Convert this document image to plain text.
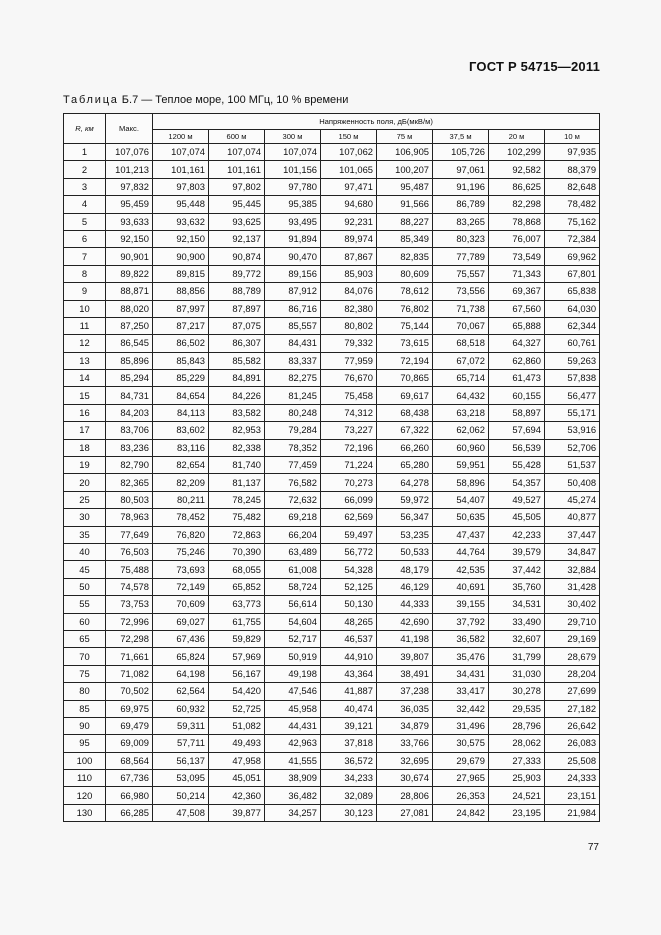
ГОСТ Р 54715—2011
Таблица Б.7 — Теплое море, 100 МГц, 10 % времени
R, км	Макс.	Напряженность поля, дБ(мкВ/м)							
		1200 м	600 м	300 м	150 м	75 м	37,5 м	20 м	10 м
1	107,076	107,074	107,074	107,074	107,062	106,905	105,726	102,299	97,935
2	101,213	101,161	101,161	101,156	101,065	100,207	97,061	92,582	88,379
3	97,832	97,803	97,802	97,780	97,471	95,487	91,196	86,625	82,648
4	95,459	95,448	95,445	95,385	94,680	91,566	86,789	82,298	78,482
5	93,633	93,632	93,625	93,495	92,231	88,227	83,265	78,868	75,162
6	92,150	92,150	92,137	91,894	89,974	85,349	80,323	76,007	72,384
7	90,901	90,900	90,874	90,470	87,867	82,835	77,789	73,549	69,962
8	89,822	89,815	89,772	89,156	85,903	80,609	75,557	71,343	67,801
9	88,871	88,856	88,789	87,912	84,076	78,612	73,556	69,367	65,838
10	88,020	87,997	87,897	86,716	82,380	76,802	71,738	67,560	64,030
11	87,250	87,217	87,075	85,557	80,802	75,144	70,067	65,888	62,344
12	86,545	86,502	86,307	84,431	79,332	73,615	68,518	64,327	60,761
13	85,896	85,843	85,582	83,337	77,959	72,194	67,072	62,860	59,263
14	85,294	85,229	84,891	82,275	76,670	70,865	65,714	61,473	57,838
15	84,731	84,654	84,226	81,245	75,458	69,617	64,432	60,155	56,477
16	84,203	84,113	83,582	80,248	74,312	68,438	63,218	58,897	55,171
17	83,706	83,602	82,953	79,284	73,227	67,322	62,062	57,694	53,916
18	83,236	83,116	82,338	78,352	72,196	66,260	60,960	56,539	52,706
19	82,790	82,654	81,740	77,459	71,224	65,280	59,951	55,428	51,537
20	82,365	82,209	81,137	76,582	70,273	64,278	58,896	54,357	50,408
25	80,503	80,211	78,245	72,632	66,099	59,972	54,407	49,527	45,274
30	78,963	78,452	75,482	69,218	62,569	56,347	50,635	45,505	40,877
35	77,649	76,820	72,863	66,204	59,497	53,235	47,437	42,233	37,447
40	76,503	75,246	70,390	63,489	56,772	50,533	44,764	39,579	34,847
45	75,488	73,693	68,055	61,008	54,328	48,179	42,535	37,442	32,884
50	74,578	72,149	65,852	58,724	52,125	46,129	40,691	35,760	31,428
55	73,753	70,609	63,773	56,614	50,130	44,333	39,155	34,531	30,402
60	72,996	69,027	61,755	54,604	48,265	42,690	37,792	33,490	29,710
65	72,298	67,436	59,829	52,717	46,537	41,198	36,582	32,607	29,169
70	71,661	65,824	57,969	50,919	44,910	39,807	35,476	31,799	28,679
75	71,082	64,198	56,167	49,198	43,364	38,491	34,431	31,030	28,204
80	70,502	62,564	54,420	47,546	41,887	37,238	33,417	30,278	27,699
85	69,975	60,932	52,725	45,958	40,474	36,035	32,442	29,535	27,182
90	69,479	59,311	51,082	44,431	39,121	34,879	31,496	28,796	26,642
95	69,009	57,711	49,493	42,963	37,818	33,766	30,575	28,062	26,083
100	68,564	56,137	47,958	41,555	36,572	32,695	29,679	27,333	25,508
110	67,736	53,095	45,051	38,909	34,233	30,674	27,965	25,903	24,333
120	66,980	50,214	42,360	36,482	32,089	28,806	26,353	24,521	23,151
130	66,285	47,508	39,877	34,257	30,123	27,081	24,842	23,195	21,984
77
